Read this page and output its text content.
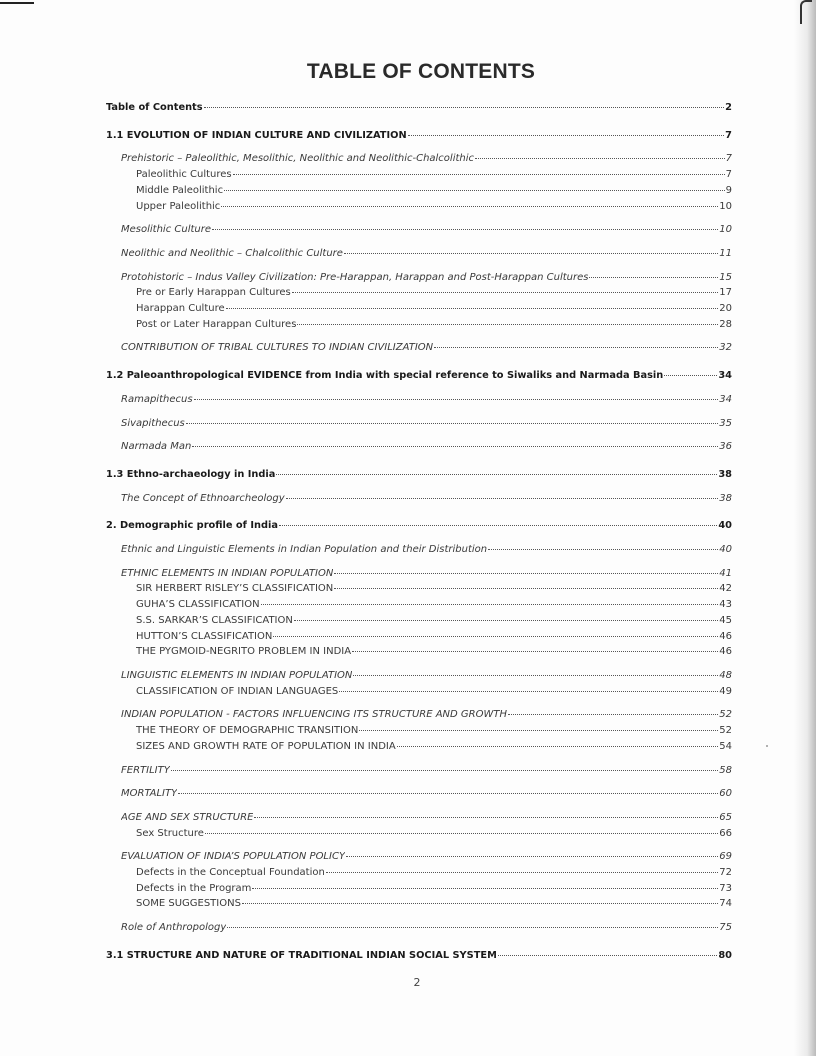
TABLE OF CONTENTS
Table of Contents	2
1.1 EVOLUTION OF INDIAN CULTURE AND CIVILIZATION	7
Prehistoric – Paleolithic, Mesolithic, Neolithic and Neolithic-Chalcolithic	7
Paleolithic Cultures	7
Middle Paleolithic	9
Upper Paleolithic	10
Mesolithic Culture	10
Neolithic and Neolithic – Chalcolithic Culture	11
Protohistoric – Indus Valley Civilization: Pre-Harappan, Harappan and Post-Harappan Cultures	15
Pre or Early Harappan Cultures	17
Harappan Culture	20
Post or Later Harappan Cultures	28
CONTRIBUTION OF TRIBAL CULTURES TO INDIAN CIVILIZATION	32
1.2 Paleoanthropological EVIDENCE from India with special reference to Siwaliks and Narmada Basin	34
Ramapithecus	34
Sivapithecus	35
Narmada Man	36
1.3 Ethno-archaeology in India	38
The Concept of Ethnoarcheology	38
2. Demographic profile of India	40
Ethnic and Linguistic Elements in Indian Population and their Distribution	40
ETHNIC ELEMENTS IN INDIAN POPULATION	41
SIR HERBERT RISLEY’S CLASSIFICATION	42
GUHA’S CLASSIFICATION	43
S.S. SARKAR’S CLASSIFICATION	45
HUTTON’S CLASSIFICATION	46
THE PYGMOID-NEGRITO PROBLEM IN INDIA	46
LINGUISTIC ELEMENTS IN INDIAN POPULATION	48
CLASSIFICATION OF INDIAN LANGUAGES	49
INDIAN POPULATION - FACTORS INFLUENCING ITS STRUCTURE AND GROWTH	52
THE THEORY OF DEMOGRAPHIC TRANSITION	52
SIZES AND GROWTH RATE OF POPULATION IN INDIA	54
FERTILITY	58
MORTALITY	60
AGE AND SEX STRUCTURE	65
Sex Structure	66
EVALUATION OF INDIA’S POPULATION POLICY	69
Defects in the Conceptual Foundation	72
Defects in the Program	73
SOME SUGGESTIONS	74
Role of Anthropology	75
3.1 STRUCTURE AND NATURE OF TRADITIONAL INDIAN SOCIAL SYSTEM	80
2
